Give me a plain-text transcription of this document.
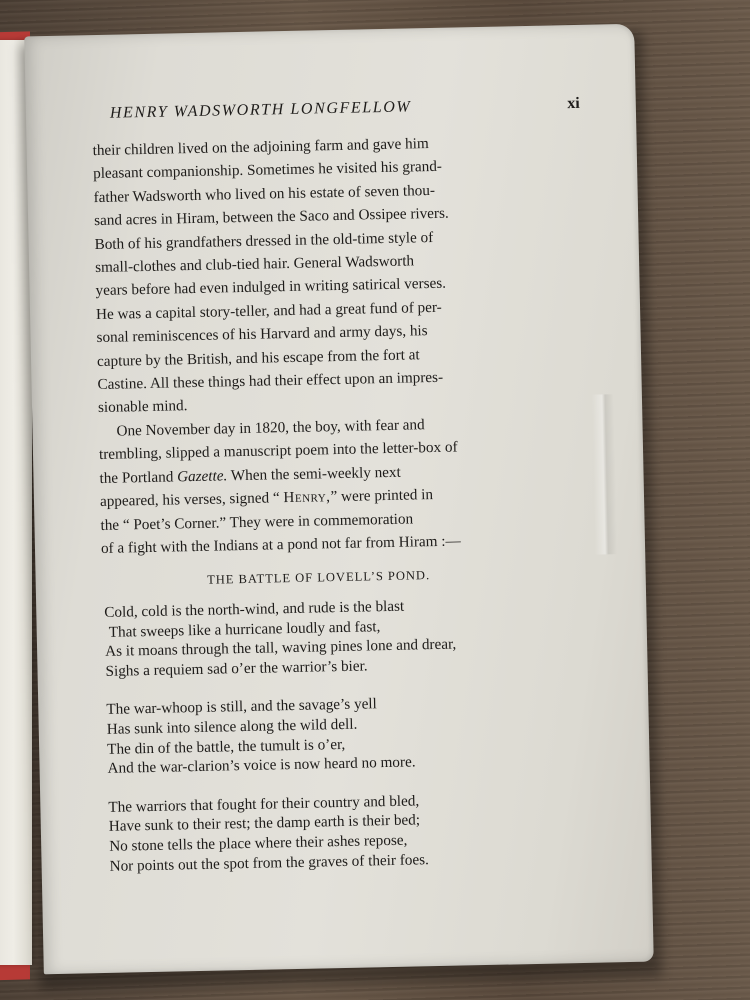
HENRY WADSWORTH LONGFELLOW	xi
their children lived on the adjoining farm and gave him
pleasant companionship. Sometimes he visited his grand-
father Wadsworth who lived on his estate of seven thou-
sand acres in Hiram, between the Saco and Ossipee rivers.
Both of his grandfathers dressed in the old-time style of
small-clothes and club-tied hair. General Wadsworth
years before had even indulged in writing satirical verses.
He was a capital story-teller, and had a great fund of per-
sonal reminiscences of his Harvard and army days, his
capture by the British, and his escape from the fort at
Castine. All these things had their effect upon an impres-
sionable mind.
One November day in 1820, the boy, with fear and
trembling, slipped a manuscript poem into the letter-box of
the Portland Gazette. When the semi-weekly next
appeared, his verses, signed “ Henry,” were printed in
the “ Poet’s Corner.” They were in commemoration
of a fight with the Indians at a pond not far from Hiram :—
THE BATTLE OF LOVELL’S POND.
Cold, cold is the north-wind, and rude is the blast
That sweeps like a hurricane loudly and fast,
As it moans through the tall, waving pines lone and drear,
Sighs a requiem sad o’er the warrior’s bier.
The war-whoop is still, and the savage’s yell
Has sunk into silence along the wild dell.
The din of the battle, the tumult is o’er,
And the war-clarion’s voice is now heard no more.
The warriors that fought for their country and bled,
Have sunk to their rest; the damp earth is their bed;
No stone tells the place where their ashes repose,
Nor points out the spot from the graves of their foes.
